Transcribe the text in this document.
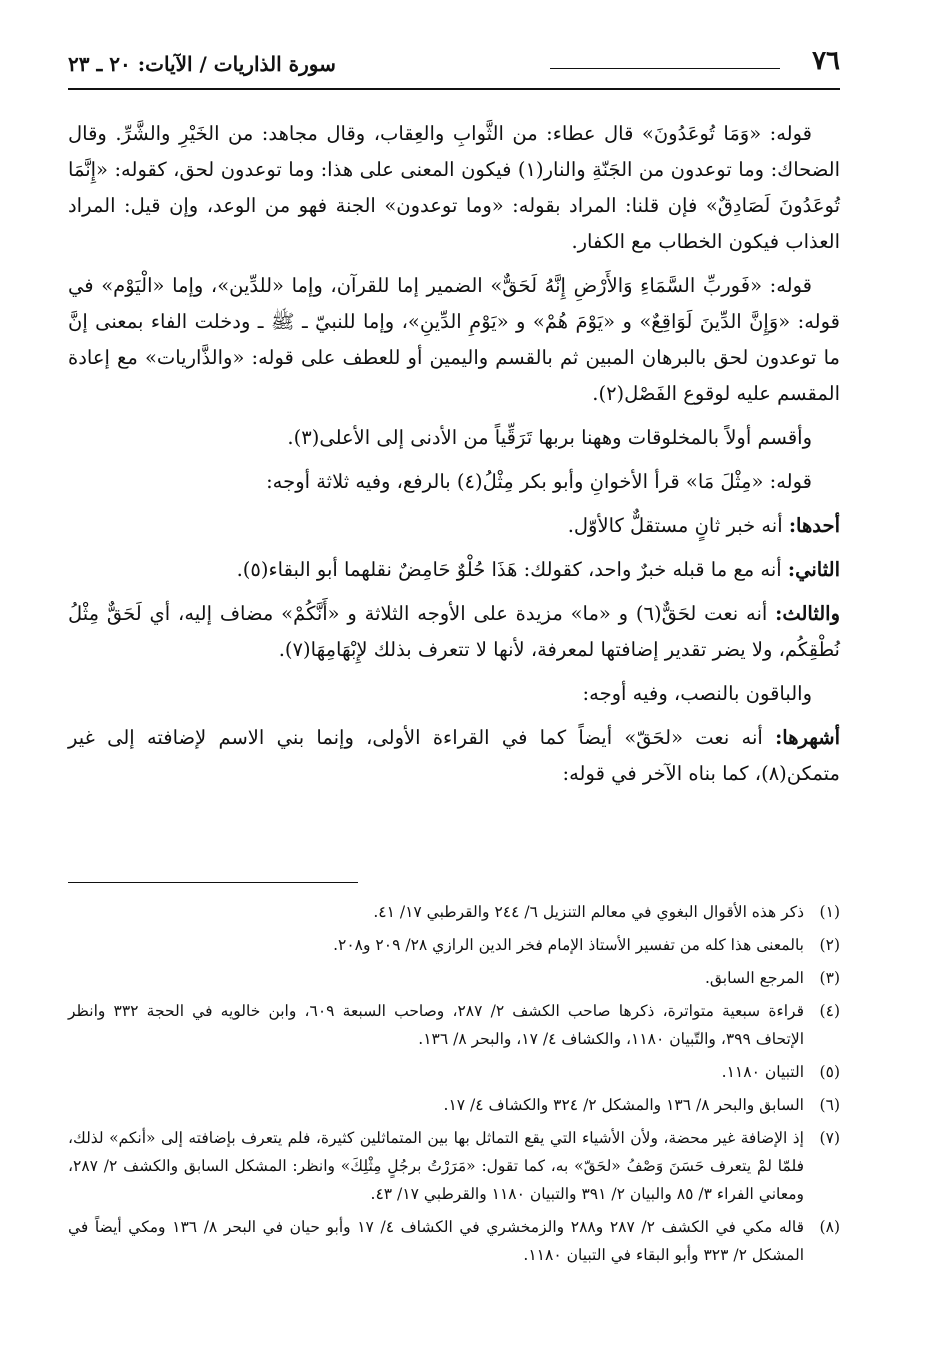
٧٦
سورة الذاريات / الآيات: ٢٠ ـ ٢٣

قوله: «وَمَا تُوعَدُونَ» قال عطاء: من الثَّوابِ والعِقاب، وقال مجاهد: من الخَيْرِ والشَّرِّ. وقال الضحاك: وما توعدون من الجَنّةِ والنار(١) فيكون المعنى على هذا: وما توعدون لحق، كقوله: «إِنَّمَا تُوعَدُونَ لَصَادِقٌ» فإن قلنا: المراد بقوله: «وما توعدون» الجنة فهو من الوعد، وإن قيل: المراد العذاب فيكون الخطاب مع الكفار.

قوله: «فَوربِّ السَّمَاءِ وَالأَرْضِ إِنَّهُ لَحَقٌّ» الضمير إما للقرآن، وإما «للدِّين»، وإما «الْيَوْم» في قوله: «وَإِنَّ الدِّينَ لَوَاقِعٌ» و «يَوْمَ هُمْ» و «يَوْمِ الدِّينِ»، وإما للنبيّ ـ ﷺ ـ ودخلت الفاء بمعنى إنَّ ما توعدون لحق بالبرهان المبين ثم بالقسم واليمين أو للعطف على قوله: «والذَّاريات» مع إعادة المقسم عليه لوقوع الفَصْل(٢).

وأقسم أولاً بالمخلوقات وههنا بربها تَرَقِّياً من الأدنى إلى الأعلى(٣).

قوله: «مِثْلَ مَا» قرأ الأخوانِ وأبو بكر مِثْلُ(٤) بالرفع، وفيه ثلاثة أوجه:

أحدها: أنه خبر ثانٍ مستقلٌّ كالأوّل.

الثاني: أنه مع ما قبله خبرٌ واحد، كقولك: هَذَا حُلْوٌ حَامِضٌ نقلهما أبو البقاء(٥).

والثالث: أنه نعت لحَقٌّ(٦) و «ما» مزيدة على الأوجه الثلاثة و «أَنَّكُمْ» مضاف إليه، أي لَحَقٌّ مِثْلُ نُطْقِكُم، ولا يضر تقدير إضافتها لمعرفة، لأنها لا تتعرف بذلك لإِبْهَامِهَا(٧).

والباقون بالنصب، وفيه أوجه:

أشهرها: أنه نعت «لحَقّ» أيضاً كما في القراءة الأولى، وإنما بني الاسم لإضافته إلى غير متمكن(٨)، كما بناه الآخر في قوله:

(١)
ذكر هذه الأقوال البغوي في معالم التنزيل ٦/ ٢٤٤ والقرطبي ١٧/ ٤١.
(٢)
بالمعنى هذا كله من تفسير الأستاذ الإمام فخر الدين الرازي ٢٨/ ٢٠٩ و٢٠٨.
(٣)
المرجع السابق.
(٤)
قراءة سبعية متواترة، ذكرها صاحب الكشف ٢/ ٢٨٧، وصاحب السبعة ٦٠٩، وابن خالويه في الحجة ٣٣٢ وانظر الإتحاف ٣٩٩، والتّبيان ١١٨٠، والكشاف ٤/ ١٧، والبحر ٨/ ١٣٦.
(٥)
التبيان ١١٨٠.
(٦)
السابق والبحر ٨/ ١٣٦ والمشكل ٢/ ٣٢٤ والكشاف ٤/ ١٧.
(٧)
إذ الإضافة غير محضة، ولأن الأشياء التي يقع التماثل بها بين المتماثلين كثيرة، فلم يتعرف بإضافته إلى «أنكم» لذلك، فلمّا لمْ يتعرف حَسَنَ وَصْفُ «لحَقّ» به، كما تقول: «مَرَرْتُ برجُلٍ مِثْلِكَ» وانظر: المشكل السابق والكشف ٢/ ٢٨٧، ومعاني الفراء ٣/ ٨٥ والبيان ٢/ ٣٩١ والتبيان ١١٨٠ والقرطبي ١٧/ ٤٣.
(٨)
قاله مكي في الكشف ٢/ ٢٨٧ و٢٨٨ والزمخشري في الكشاف ٤/ ١٧ وأبو حيان في البحر ٨/ ١٣٦ ومكي أيضاً في المشكل ٢/ ٣٢٣ وأبو البقاء في التبيان ١١٨٠.
